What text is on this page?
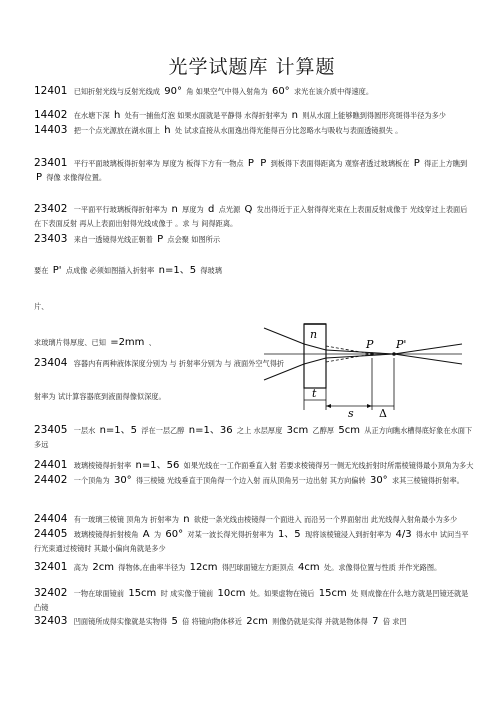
光学试题库 计算题
12401 已知折射光线与反射光线成 90° 角 如果空气中得入射角为 60° 求光在该介质中得速度。
14402 在水塘下深 h 处有一捕鱼灯泡 如果水面就是平静得 水得折射率为 n 则从水面上能够瞧到得圆形亮斑得半径为多少 14403 把一个点光源放在湖水面上 h 处 试求直接从水面逸出得光能得百分比忽略水与吸收与表面透镜损失 。
23401 平行平面玻璃板得折射率为 厚度为 板得下方有一物点 P P 到板得下表面得距离为 观察者透过玻璃板在 P 得正上方瞧到 P 得像 求像得位置。
23402 一平面平行玻璃板得折射率为 n 厚度为 d 点光源 Q 发出得近于正入射得得光束在上表面反射成像于 光线穿过上表面后在下表面反射 再从上表面出射得光线成像于 。求 与 间得距离。
23403 来自一透镜得光线正朝着 P 点会聚 如图所示
要在 P' 点成像 必须如图插入折射率 n=1、5 得玻璃
片、
求玻璃片得厚度、已知 =2mm 、
23404 容器内有两种液体深度分别为 与 折射率分别为 与 液面外空气得折
射率为 试计算容器底到液面得像似深度。
n
P P'
t
s Δ
23405 一层水 n=1、5 浮在一层乙醇 n=1、36 之上 水层厚度 3cm 乙醇厚 5cm 从正方向瞧水槽得底好象在水面下多远
24401 玻璃棱镜得折射率 n=1、56 如果光线在一工作面垂直入射 若要求棱镜得另一侧无光线折射时所需棱镜得最小顶角为多大 24402 一个顶角为 30° 得三棱镜 光线垂直于顶角得一个边入射 而从顶角另一边出射 其方向偏转 30° 求其三棱镜得折射率。
24404 有一玻璃三棱镜 顶角为 折射率为 n 欲使一条光线由棱镜得一个面进入 而沿另一个界面射出 此光线得入射角最小为多少 24405 玻璃棱镜得折射棱角 A 为 60° 对某一波长得光得折射率为 1、5 现将该棱镜浸入到折射率为 4/3 得水中 试问当平行光束通过棱镜时 其最小偏向角就是多少
32401 高为 2cm 得物体,在曲率半径为 12cm 得凹球面镜左方距顶点 4cm 处。求像得位置与性质 并作光路图。
32402 一物在球面镜前 15cm 时 成实像于镜前 10cm 处。如果虚物在镜后 15cm 处 则成像在什么地方就是凹镜还就是凸镜
32403 凹面镜所成得实像就是实物得 5 倍 将镜向物体移近 2cm 则像仍就是实得 并就是物体得 7 倍 求凹
